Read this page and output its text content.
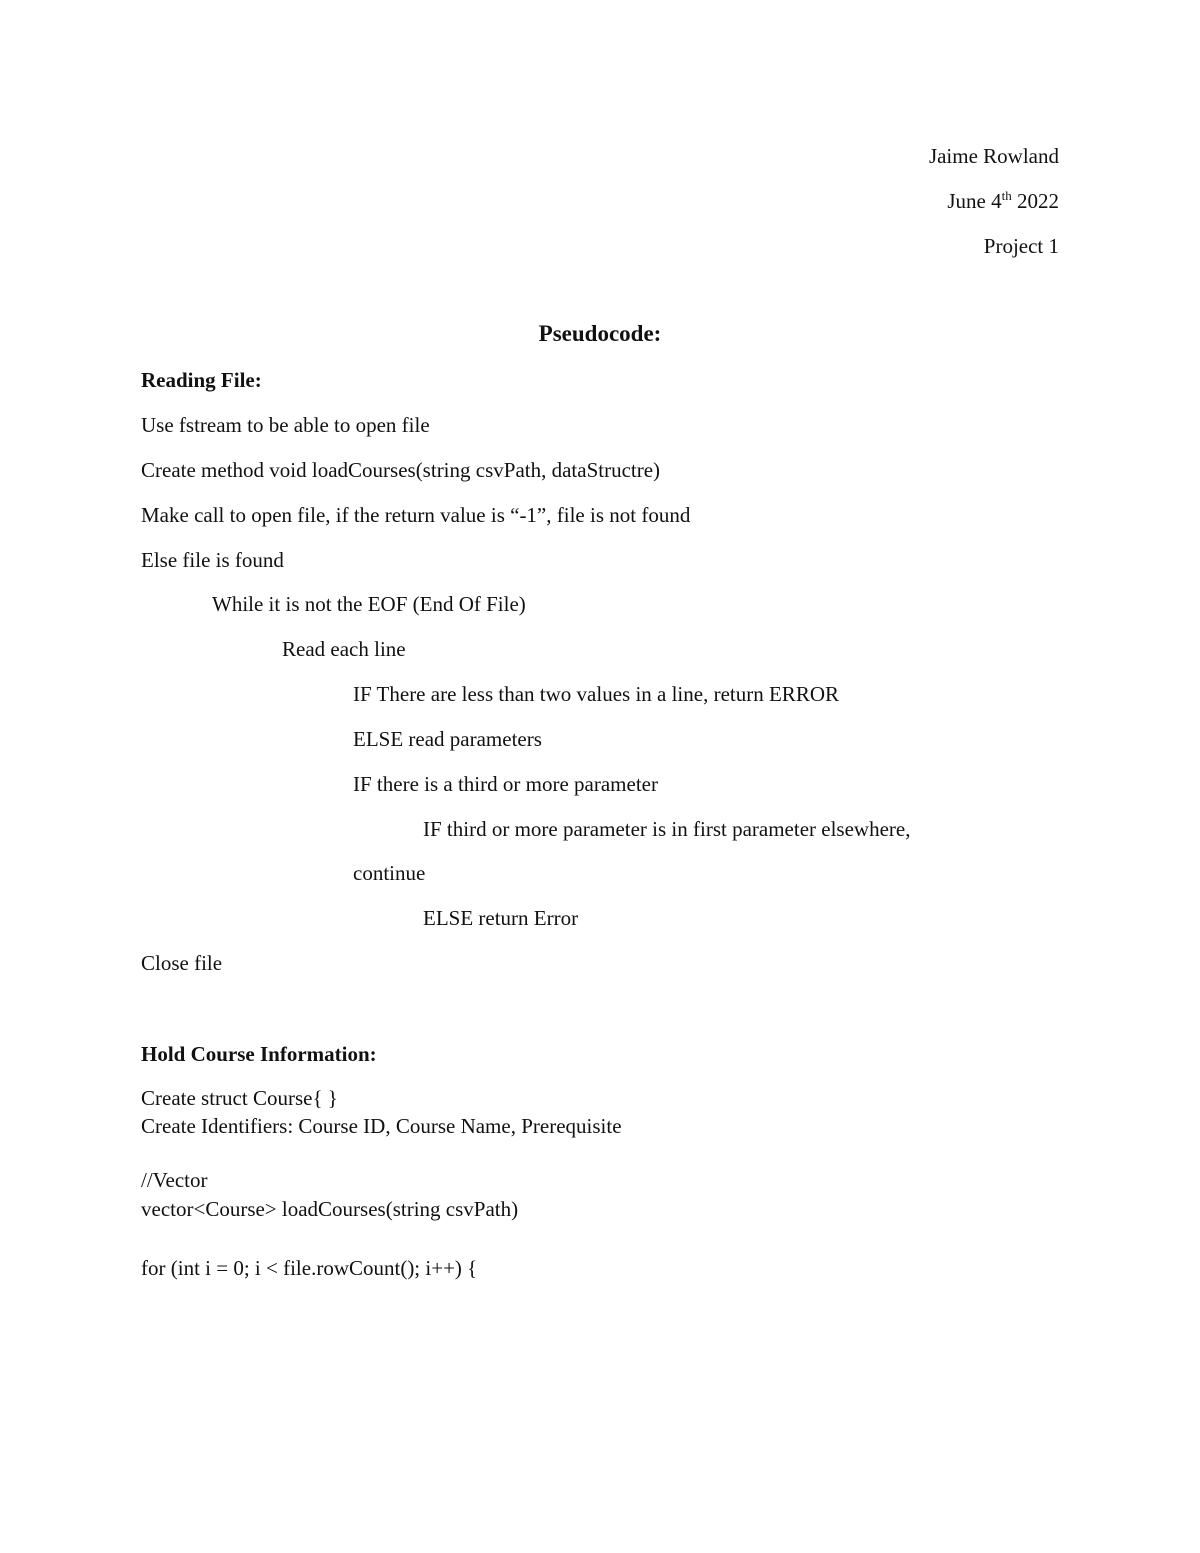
Jaime Rowland
June 4th 2022
Project 1
Pseudocode:
Reading File:
Use fstream to be able to open file
Create method void loadCourses(string csvPath, dataStructre)
Make call to open file, if the return value is “-1”, file is not found
Else file is found
While it is not the EOF (End Of File)
Read each line
IF There are less than two values in a line, return ERROR
ELSE read parameters
IF there is a third or more parameter
IF third or more parameter is in first parameter elsewhere,
continue
ELSE return Error
Close file
Hold Course Information:
Create struct Course{ }
Create Identifiers: Course ID, Course Name, Prerequisite
//Vector
vector<Course> loadCourses(string csvPath)
for (int i = 0; i < file.rowCount(); i++) {
